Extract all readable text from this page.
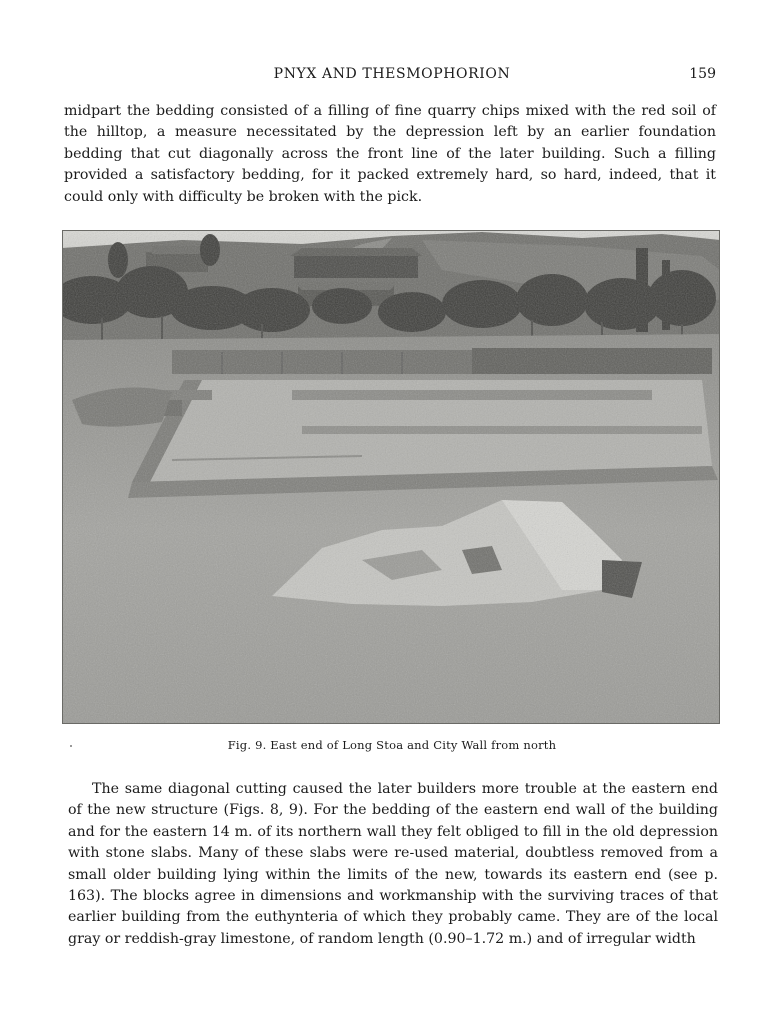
PNYX AND THESMOPHORION	159

midpart the bedding consisted of a filling of fine quarry chips mixed with the red soil of the hilltop, a measure necessitated by the depression left by an earlier foundation bedding that cut diagonally across the front line of the later building. Such a filling provided a satisfactory bedding, for it packed extremely hard, so hard, indeed, that it could only with difficulty be broken with the pick.

Fig. 9. East end of Long Stoa and City Wall from north

The same diagonal cutting caused the later builders more trouble at the eastern end of the new structure (Figs. 8, 9). For the bedding of the eastern end wall of the building and for the eastern 14 m. of its northern wall they felt obliged to fill in the old depression with stone slabs. Many of these slabs were re-used material, doubtless removed from a small older building lying within the limits of the new, towards its eastern end (see p. 163). The blocks agree in dimensions and workmanship with the surviving traces of that earlier building from the euthynteria of which they probably came. They are of the local gray or reddish-gray limestone, of random length (0.90–1.72 m.) and of irregular width
